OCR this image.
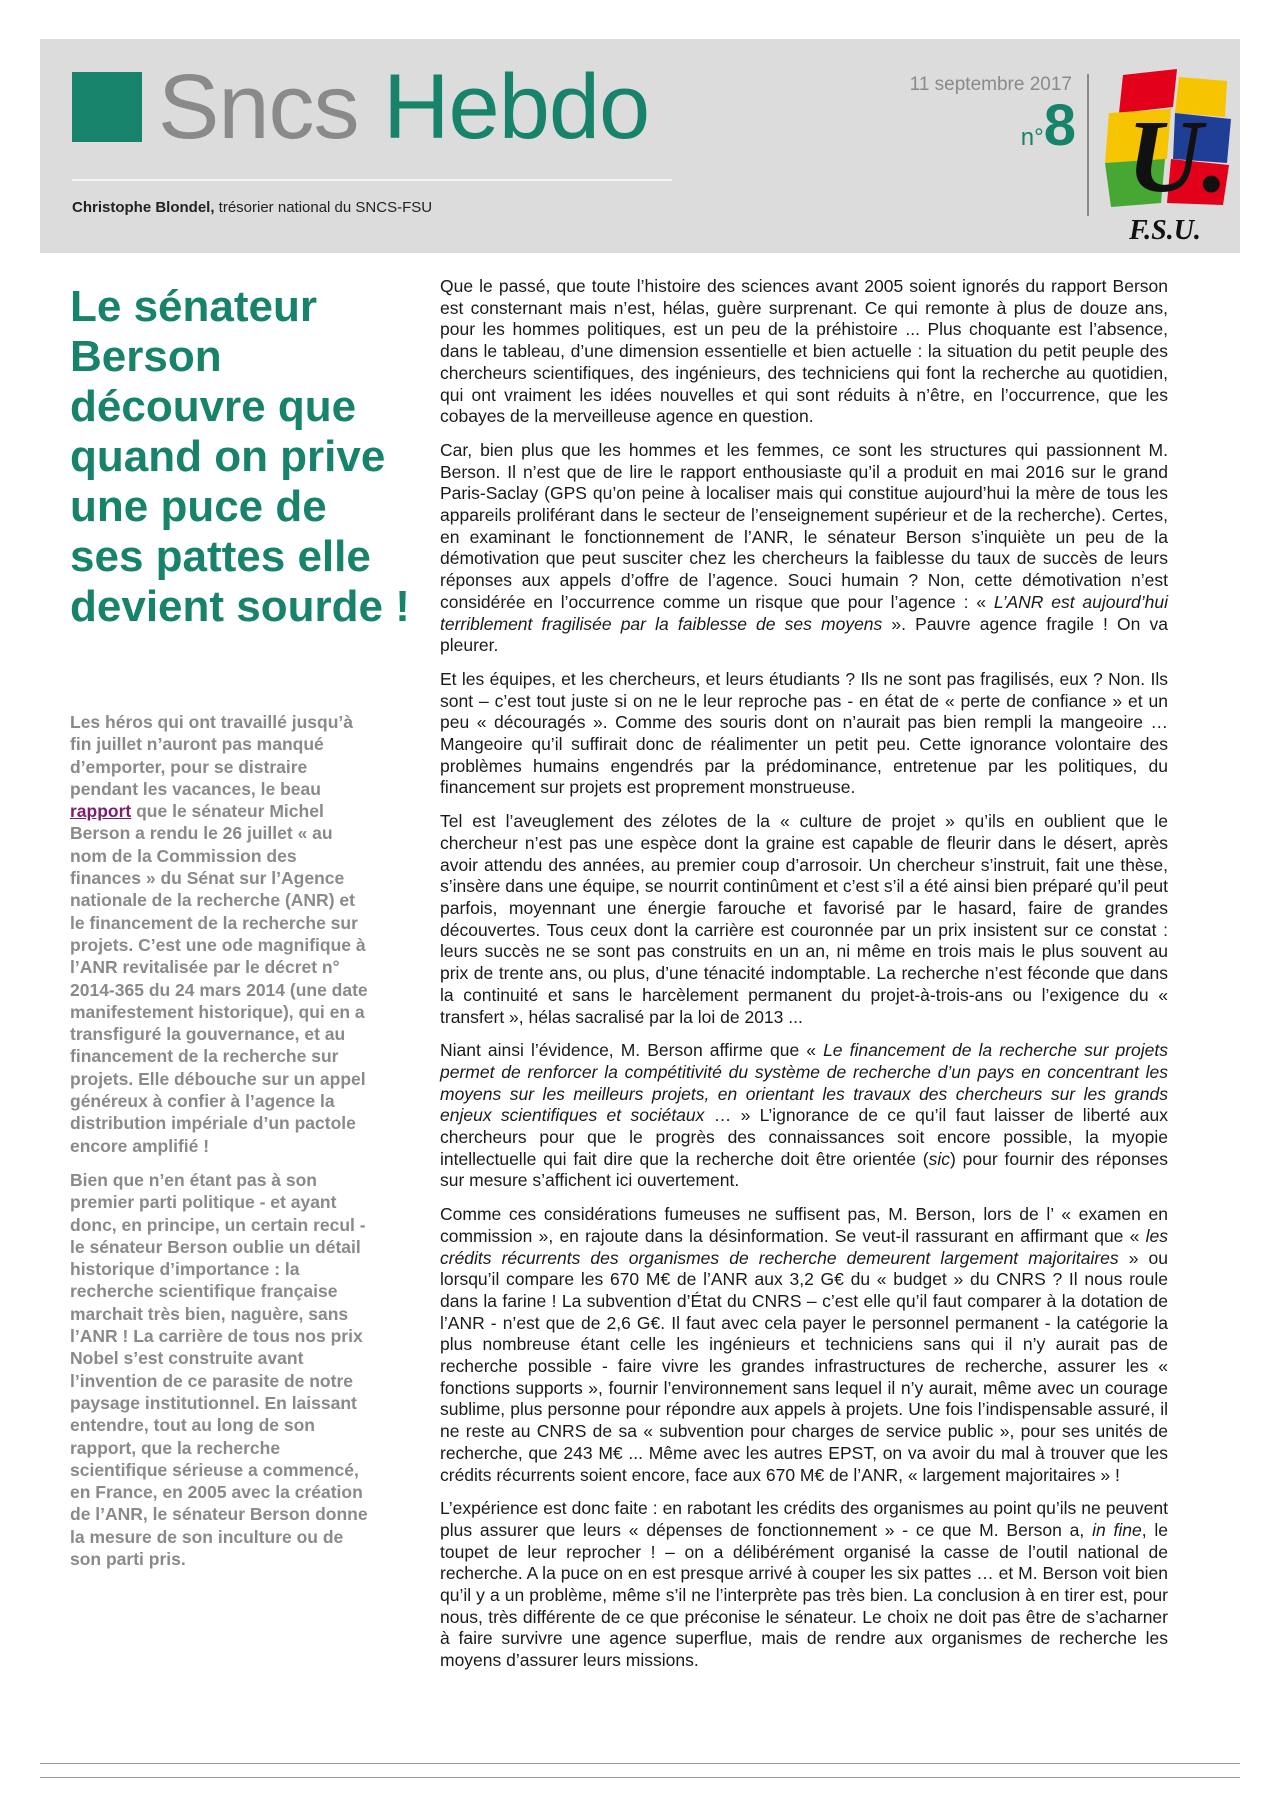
Sncs Hebdo
Christophe Blondel, trésorier national du SNCS-FSU
11 septembre 2017
n°8 U.
F.S.U.
Le sénateur Berson découvre que quand on prive une puce de ses pattes elle devient sourde !

Les héros qui ont travaillé jusqu’à fin juillet n’auront pas manqué d’emporter, pour se distraire pendant les vacances, le beau rapport que le sénateur Michel Berson a rendu le 26 juillet « au nom de la Commission des finances » du Sénat sur l’Agence nationale de la recherche (ANR) et le financement de la recherche sur projets. C’est une ode magnifique à l’ANR revitalisée par le décret n° 2014-365 du 24 mars 2014 (une date manifestement historique), qui en a transfiguré la gouvernance, et au financement de la recherche sur projets. Elle débouche sur un appel généreux à confier à l’agence la distribution impériale d’un pactole encore amplifié !

Bien que n’en étant pas à son premier parti politique - et ayant donc, en principe, un certain recul - le sénateur Berson oublie un détail historique d’importance : la recherche scientifique française marchait très bien, naguère, sans l’ANR ! La carrière de tous nos prix Nobel s’est construite avant l’invention de ce parasite de notre paysage institutionnel. En laissant entendre, tout au long de son rapport, que la recherche scientifique sérieuse a commencé, en France, en 2005 avec la création de l’ANR, le sénateur Berson donne la mesure de son inculture ou de son parti pris.

Que le passé, que toute l’histoire des sciences avant 2005 soient ignorés du rapport Berson est consternant mais n’est, hélas, guère surprenant. Ce qui remonte à plus de douze ans, pour les hommes politiques, est un peu de la préhistoire ... Plus choquante est l’absence, dans le tableau, d’une dimension essentielle et bien actuelle : la situation du petit peuple des chercheurs scientifiques, des ingénieurs, des techniciens qui font la recherche au quotidien, qui ont vraiment les idées nouvelles et qui sont réduits à n’être, en l’occurrence, que les cobayes de la merveilleuse agence en question.

Car, bien plus que les hommes et les femmes, ce sont les structures qui passionnent M. Berson. Il n’est que de lire le rapport enthousiaste qu’il a produit en mai 2016 sur le grand Paris-Saclay (GPS qu’on peine à localiser mais qui constitue aujourd’hui la mère de tous les appareils proliférant dans le secteur de l’enseignement supérieur et de la recherche). Certes, en examinant le fonctionnement de l’ANR, le sénateur Berson s’inquiète un peu de la démotivation que peut susciter chez les chercheurs la faiblesse du taux de succès de leurs réponses aux appels d’offre de l’agence. Souci humain ? Non, cette démotivation n’est considérée en l’occurrence comme un risque que pour l’agence : « L’ANR est aujourd’hui terriblement fragilisée par la faiblesse de ses moyens ». Pauvre agence fragile ! On va pleurer.

Et les équipes, et les chercheurs, et leurs étudiants ? Ils ne sont pas fragilisés, eux ? Non. Ils sont – c’est tout juste si on ne le leur reproche pas - en état de « perte de confiance » et un peu « découragés ». Comme des souris dont on n’aurait pas bien rempli la mangeoire … Mangeoire qu’il suffirait donc de réalimenter un petit peu. Cette ignorance volontaire des problèmes humains engendrés par la prédominance, entretenue par les politiques, du financement sur projets est proprement monstrueuse.

Tel est l’aveuglement des zélotes de la « culture de projet » qu’ils en oublient que le chercheur n’est pas une espèce dont la graine est capable de fleurir dans le désert, après avoir attendu des années, au premier coup d’arrosoir. Un chercheur s’instruit, fait une thèse, s’insère dans une équipe, se nourrit continûment et c’est s’il a été ainsi bien préparé qu’il peut parfois, moyennant une énergie farouche et favorisé par le hasard, faire de grandes découvertes. Tous ceux dont la carrière est couronnée par un prix insistent sur ce constat : leurs succès ne se sont pas construits en un an, ni même en trois mais le plus souvent au prix de trente ans, ou plus, d’une ténacité indomptable. La recherche n’est féconde que dans la continuité et sans le harcèlement permanent du projet-à-trois-ans ou l’exigence du « transfert », hélas sacralisé par la loi de 2013 ...

Niant ainsi l’évidence, M. Berson affirme que « Le financement de la recherche sur projets permet de renforcer la compétitivité du système de recherche d’un pays en concentrant les moyens sur les meilleurs projets, en orientant les travaux des chercheurs sur les grands enjeux scientifiques et sociétaux … » L’ignorance de ce qu’il faut laisser de liberté aux chercheurs pour que le progrès des connaissances soit encore possible, la myopie intellectuelle qui fait dire que la recherche doit être orientée (sic) pour fournir des réponses sur mesure s’affichent ici ouvertement.

Comme ces considérations fumeuses ne suffisent pas, M. Berson, lors de l’ « examen en commission », en rajoute dans la désinformation. Se veut-il rassurant en affirmant que « les crédits récurrents des organismes de recherche demeurent largement majoritaires » ou lorsqu’il compare les 670 M€ de l’ANR aux 3,2 G€ du « budget » du CNRS ? Il nous roule dans la farine ! La subvention d’État du CNRS – c’est elle qu’il faut comparer à la dotation de l’ANR - n’est que de 2,6 G€. Il faut avec cela payer le personnel permanent - la catégorie la plus nombreuse étant celle les ingénieurs et techniciens sans qui il n’y aurait pas de recherche possible - faire vivre les grandes infrastructures de recherche, assurer les « fonctions supports », fournir l’environnement sans lequel il n’y aurait, même avec un courage sublime, plus personne pour répondre aux appels à projets. Une fois l’indispensable assuré, il ne reste au CNRS de sa « subvention pour charges de service public », pour ses unités de recherche, que 243 M€ ... Même avec les autres EPST, on va avoir du mal à trouver que les crédits récurrents soient encore, face aux 670 M€ de l’ANR, « largement majoritaires » !

L’expérience est donc faite : en rabotant les crédits des organismes au point qu’ils ne peuvent plus assurer que leurs « dépenses de fonctionnement » - ce que M. Berson a, in fine, le toupet de leur reprocher ! – on a délibérément organisé la casse de l’outil national de recherche. A la puce on en est presque arrivé à couper les six pattes … et M. Berson voit bien qu’il y a un problème, même s’il ne l’interprète pas très bien. La conclusion à en tirer est, pour nous, très différente de ce que préconise le sénateur. Le choix ne doit pas être de s’acharner à faire survivre une agence superflue, mais de rendre aux organismes de recherche les moyens d’assurer leurs missions.
